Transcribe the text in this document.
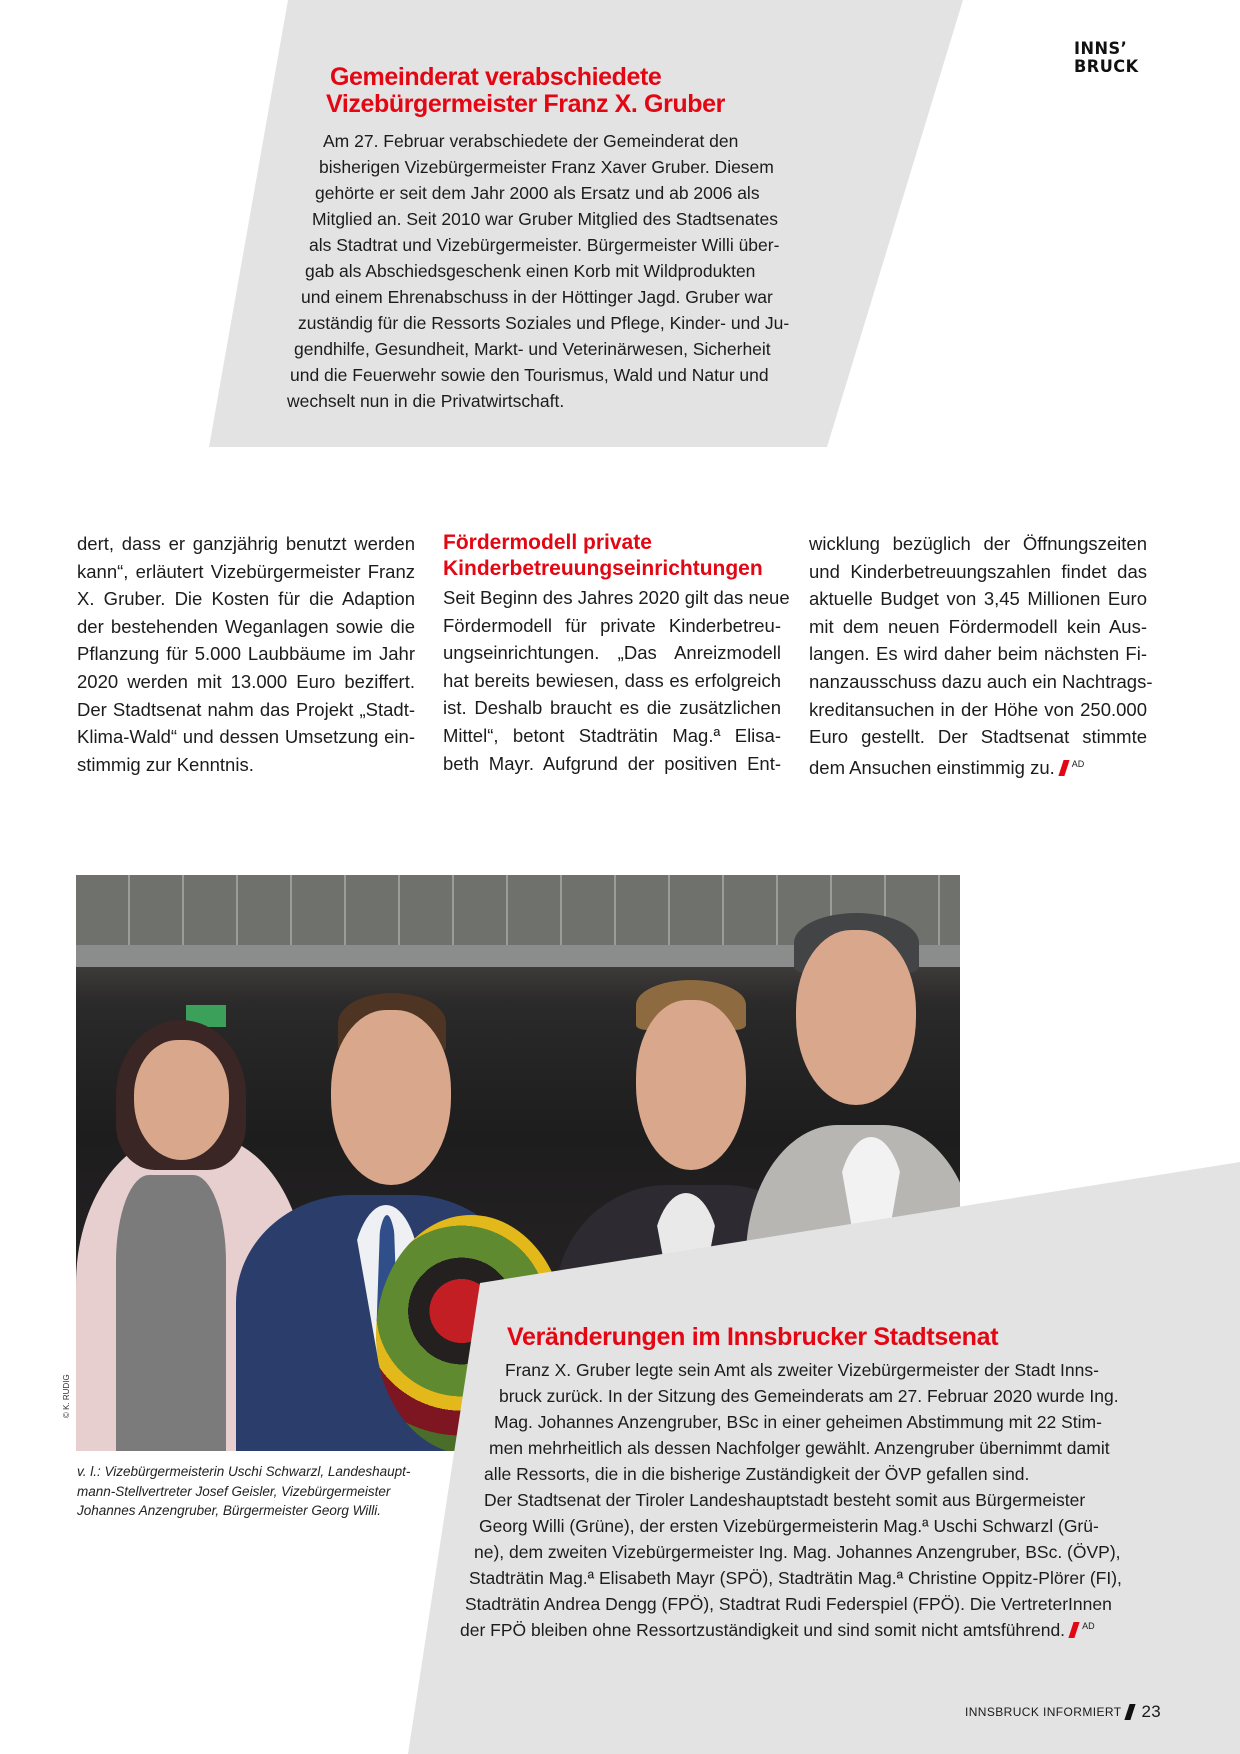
INNS’
BRUCK
Gemeinderat verabschiedete
Vizebürgermeister Franz X. Gruber
Am 27. Februar verabschiedete der Gemeinderat den
bisherigen Vizebürgermeister Franz Xaver Gruber. Diesem
gehörte er seit dem Jahr 2000 als Ersatz und ab 2006 als
Mitglied an. Seit 2010 war Gruber Mitglied des Stadtsenates
als Stadtrat und Vizebürgermeister. Bürgermeister Willi über-
gab als Abschiedsgeschenk einen Korb mit Wildprodukten
und einem Ehrenabschuss in der Höttinger Jagd. Gruber war
zuständig für die Ressorts Soziales und Pflege, Kinder- und Ju-
gendhilfe, Gesundheit, Markt- und Veterinärwesen, Sicherheit
und die Feuerwehr sowie den Tourismus, Wald und Natur und
wechselt nun in die Privatwirtschaft.
dert, dass er ganzjährig benutzt werden
kann“, erläutert Vizebürgermeister Franz
X. Gruber. Die Kosten für die Adaption
der bestehenden Weganlagen sowie die
Pflanzung für 5.000 Laubbäume im Jahr
2020 werden mit 13.000 Euro beziffert.
Der Stadtsenat nahm das Projekt „Stadt-
Klima-Wald“ und dessen Umsetzung ein-
stimmig zur Kenntnis.
Fördermodell private
Kinderbetreuungseinrichtungen
Seit Beginn des Jahres 2020 gilt das neue
Fördermodell für private Kinderbetreu-
ungseinrichtungen. „Das Anreizmodell
hat bereits bewiesen, dass es erfolgreich
ist. Deshalb braucht es die zusätzlichen
Mittel“, betont Stadträtin Mag.ª Elisa-
beth Mayr. Aufgrund der positiven Ent-
wicklung bezüglich der Öffnungszeiten
und Kinderbetreuungszahlen findet das
aktuelle Budget von 3,45 Millionen Euro
mit dem neuen Fördermodell kein Aus-
langen. Es wird daher beim nächsten Fi-
nanzausschuss dazu auch ein Nachtrags-
kreditansuchen in der Höhe von 250.000
Euro gestellt. Der Stadtsenat stimmte
dem Ansuchen einstimmig zu. $^{AD}$
© K. RUDIG
v. l.: Vizebürgermeisterin Uschi Schwarzl, Landeshaupt-
mann-Stellvertreter Josef Geisler, Vizebürgermeister
Johannes Anzengruber, Bürgermeister Georg Willi.
Veränderungen im Innsbrucker Stadtsenat
Franz X. Gruber legte sein Amt als zweiter Vizebürgermeister der Stadt Inns-
bruck zurück. In der Sitzung des Gemeinderats am 27. Februar 2020 wurde Ing.
Mag. Johannes Anzengruber, BSc in einer geheimen Abstimmung mit 22 Stim-
men mehrheitlich als dessen Nachfolger gewählt. Anzengruber übernimmt damit
alle Ressorts, die in die bisherige Zuständigkeit der ÖVP gefallen sind.
Der Stadtsenat der Tiroler Landeshauptstadt besteht somit aus Bürgermeister
Georg Willi (Grüne), der ersten Vizebürgermeisterin Mag.ª Uschi Schwarzl (Grü-
ne), dem zweiten Vizebürgermeister Ing. Mag. Johannes Anzengruber, BSc. (ÖVP),
Stadträtin Mag.ª Elisabeth Mayr (SPÖ), Stadträtin Mag.ª Christine Oppitz-Plörer (FI),
Stadträtin Andrea Dengg (FPÖ), Stadtrat Rudi Federspiel (FPÖ). Die VertreterInnen
der FPÖ bleiben ohne Ressortzuständigkeit und sind somit nicht amtsführend. $^{AD}$
INNSBRUCK INFORMIERT 23
